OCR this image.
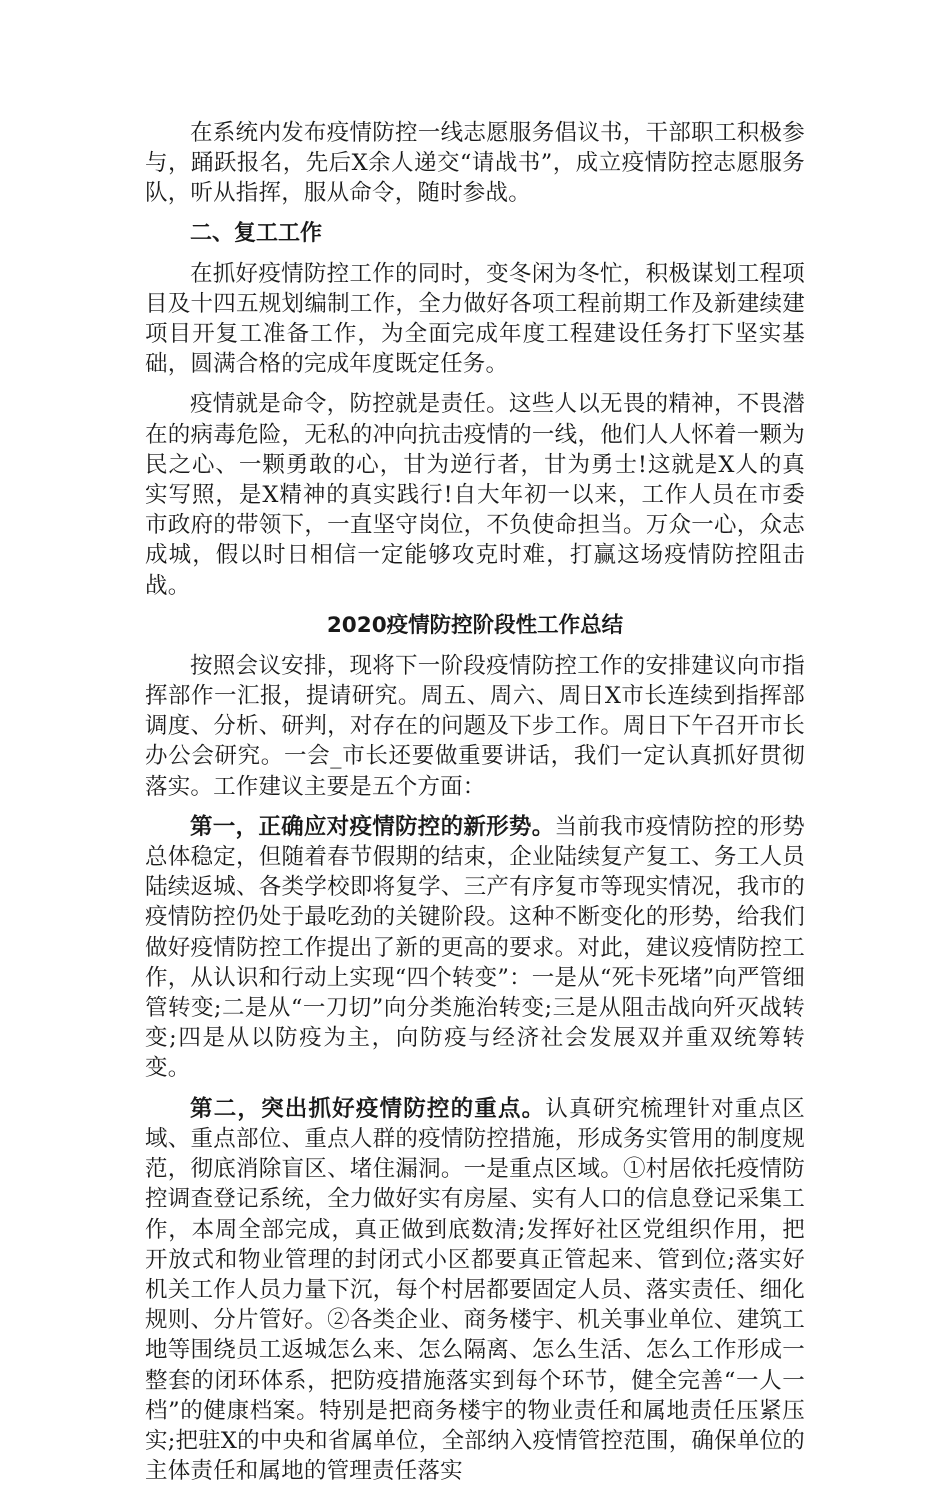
在系统内发布疫情防控一线志愿服务倡议书，干部职工积极参与，踊跃报名，先后X余人递交“请战书”，成立疫情防控志愿服务队，听从指挥，服从命令，随时参战。

二、复工工作

在抓好疫情防控工作的同时，变冬闲为冬忙，积极谋划工程项目及十四五规划编制工作，全力做好各项工程前期工作及新建续建项目开复工准备工作，为全面完成年度工程建设任务打下坚实基础，圆满合格的完成年度既定任务。

疫情就是命令，防控就是责任。这些人以无畏的精神，不畏潜在的病毒危险，无私的冲向抗击疫情的一线，他们人人怀着一颗为民之心、一颗勇敢的心，甘为逆行者，甘为勇士!这就是X人的真实写照，是X精神的真实践行!自大年初一以来，工作人员在市委市政府的带领下，一直坚守岗位，不负使命担当。万众一心，众志成城，假以时日相信一定能够攻克时难，打赢这场疫情防控阻击战。

2020疫情防控阶段性工作总结

按照会议安排，现将下一阶段疫情防控工作的安排建议向市指挥部作一汇报，提请研究。周五、周六、周日X市长连续到指挥部调度、分析、研判，对存在的问题及下步工作。周日下午召开市长办公会研究。一会_市长还要做重要讲话，我们一定认真抓好贯彻落实。工作建议主要是五个方面：

第一，正确应对疫情防控的新形势。当前我市疫情防控的形势总体稳定，但随着春节假期的结束，企业陆续复产复工、务工人员陆续返城、各类学校即将复学、三产有序复市等现实情况，我市的疫情防控仍处于最吃劲的关键阶段。这种不断变化的形势，给我们做好疫情防控工作提出了新的更高的要求。对此，建议疫情防控工作，从认识和行动上实现“四个转变”：一是从“死卡死堵”向严管细管转变;二是从“一刀切”向分类施治转变;三是从阻击战向歼灭战转变;四是从以防疫为主，向防疫与经济社会发展双并重双统筹转变。

第二，突出抓好疫情防控的重点。认真研究梳理针对重点区域、重点部位、重点人群的疫情防控措施，形成务实管用的制度规范，彻底消除盲区、堵住漏洞。一是重点区域。①村居依托疫情防控调查登记系统，全力做好实有房屋、实有人口的信息登记采集工作，本周全部完成，真正做到底数清;发挥好社区党组织作用，把开放式和物业管理的封闭式小区都要真正管起来、管到位;落实好机关工作人员力量下沉，每个村居都要固定人员、落实责任、细化规则、分片管好。②各类企业、商务楼宇、机关事业单位、建筑工地等围绕员工返城怎么来、怎么隔离、怎么生活、怎么工作形成一整套的闭环体系，把防疫措施落实到每个环节，健全完善“一人一档”的健康档案。特别是把商务楼宇的物业责任和属地责任压紧压实;把驻X的中央和省属单位，全部纳入疫情管控范围，确保单位的主体责任和属地的管理责任落实
